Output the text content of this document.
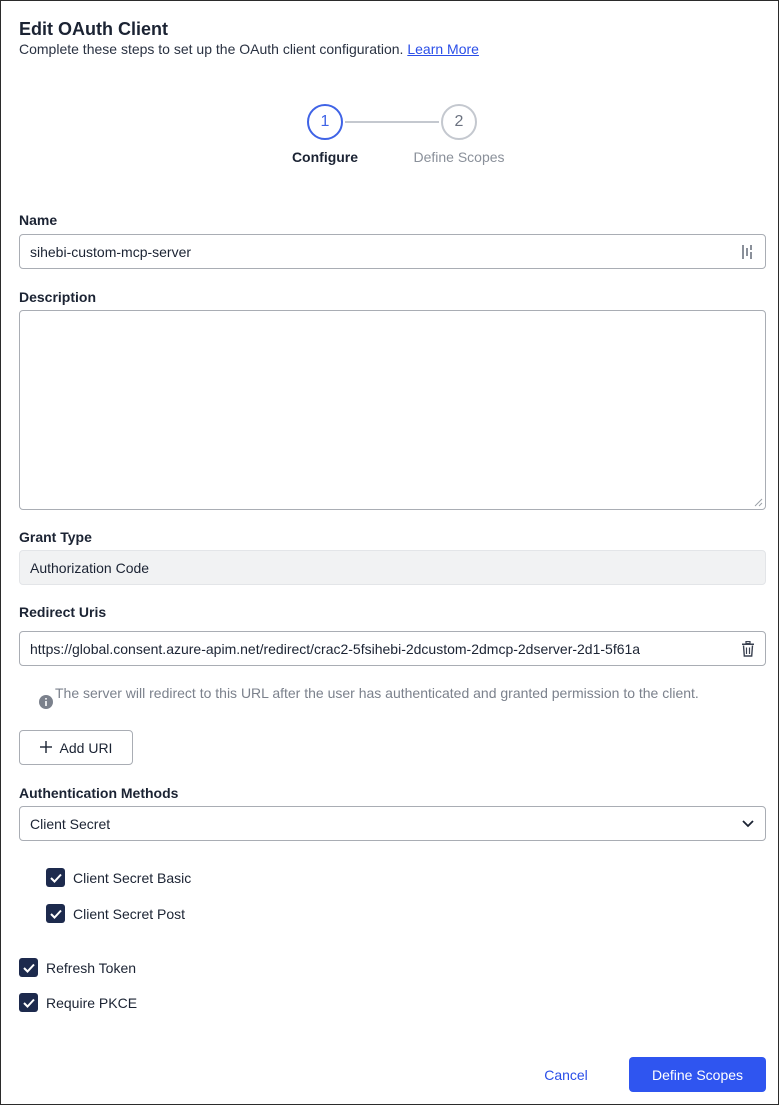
Edit OAuth Client
Complete these steps to set up the OAuth client configuration. Learn More
1	2
Configure	Define Scopes
Name
sihebi-custom-mcp-server
Description
Grant Type
Authorization Code
Redirect Uris
https://global.consent.azure-apim.net/redirect/crac2-5fsihebi-2dcustom-2dmcp-2dserver-2d1-5f61a
The server will redirect to this URL after the user has authenticated and granted permission to the client.
Add URI
Authentication Methods
Client Secret
Client Secret Basic
Client Secret Post
Refresh Token
Require PKCE
Cancel	Define Scopes
